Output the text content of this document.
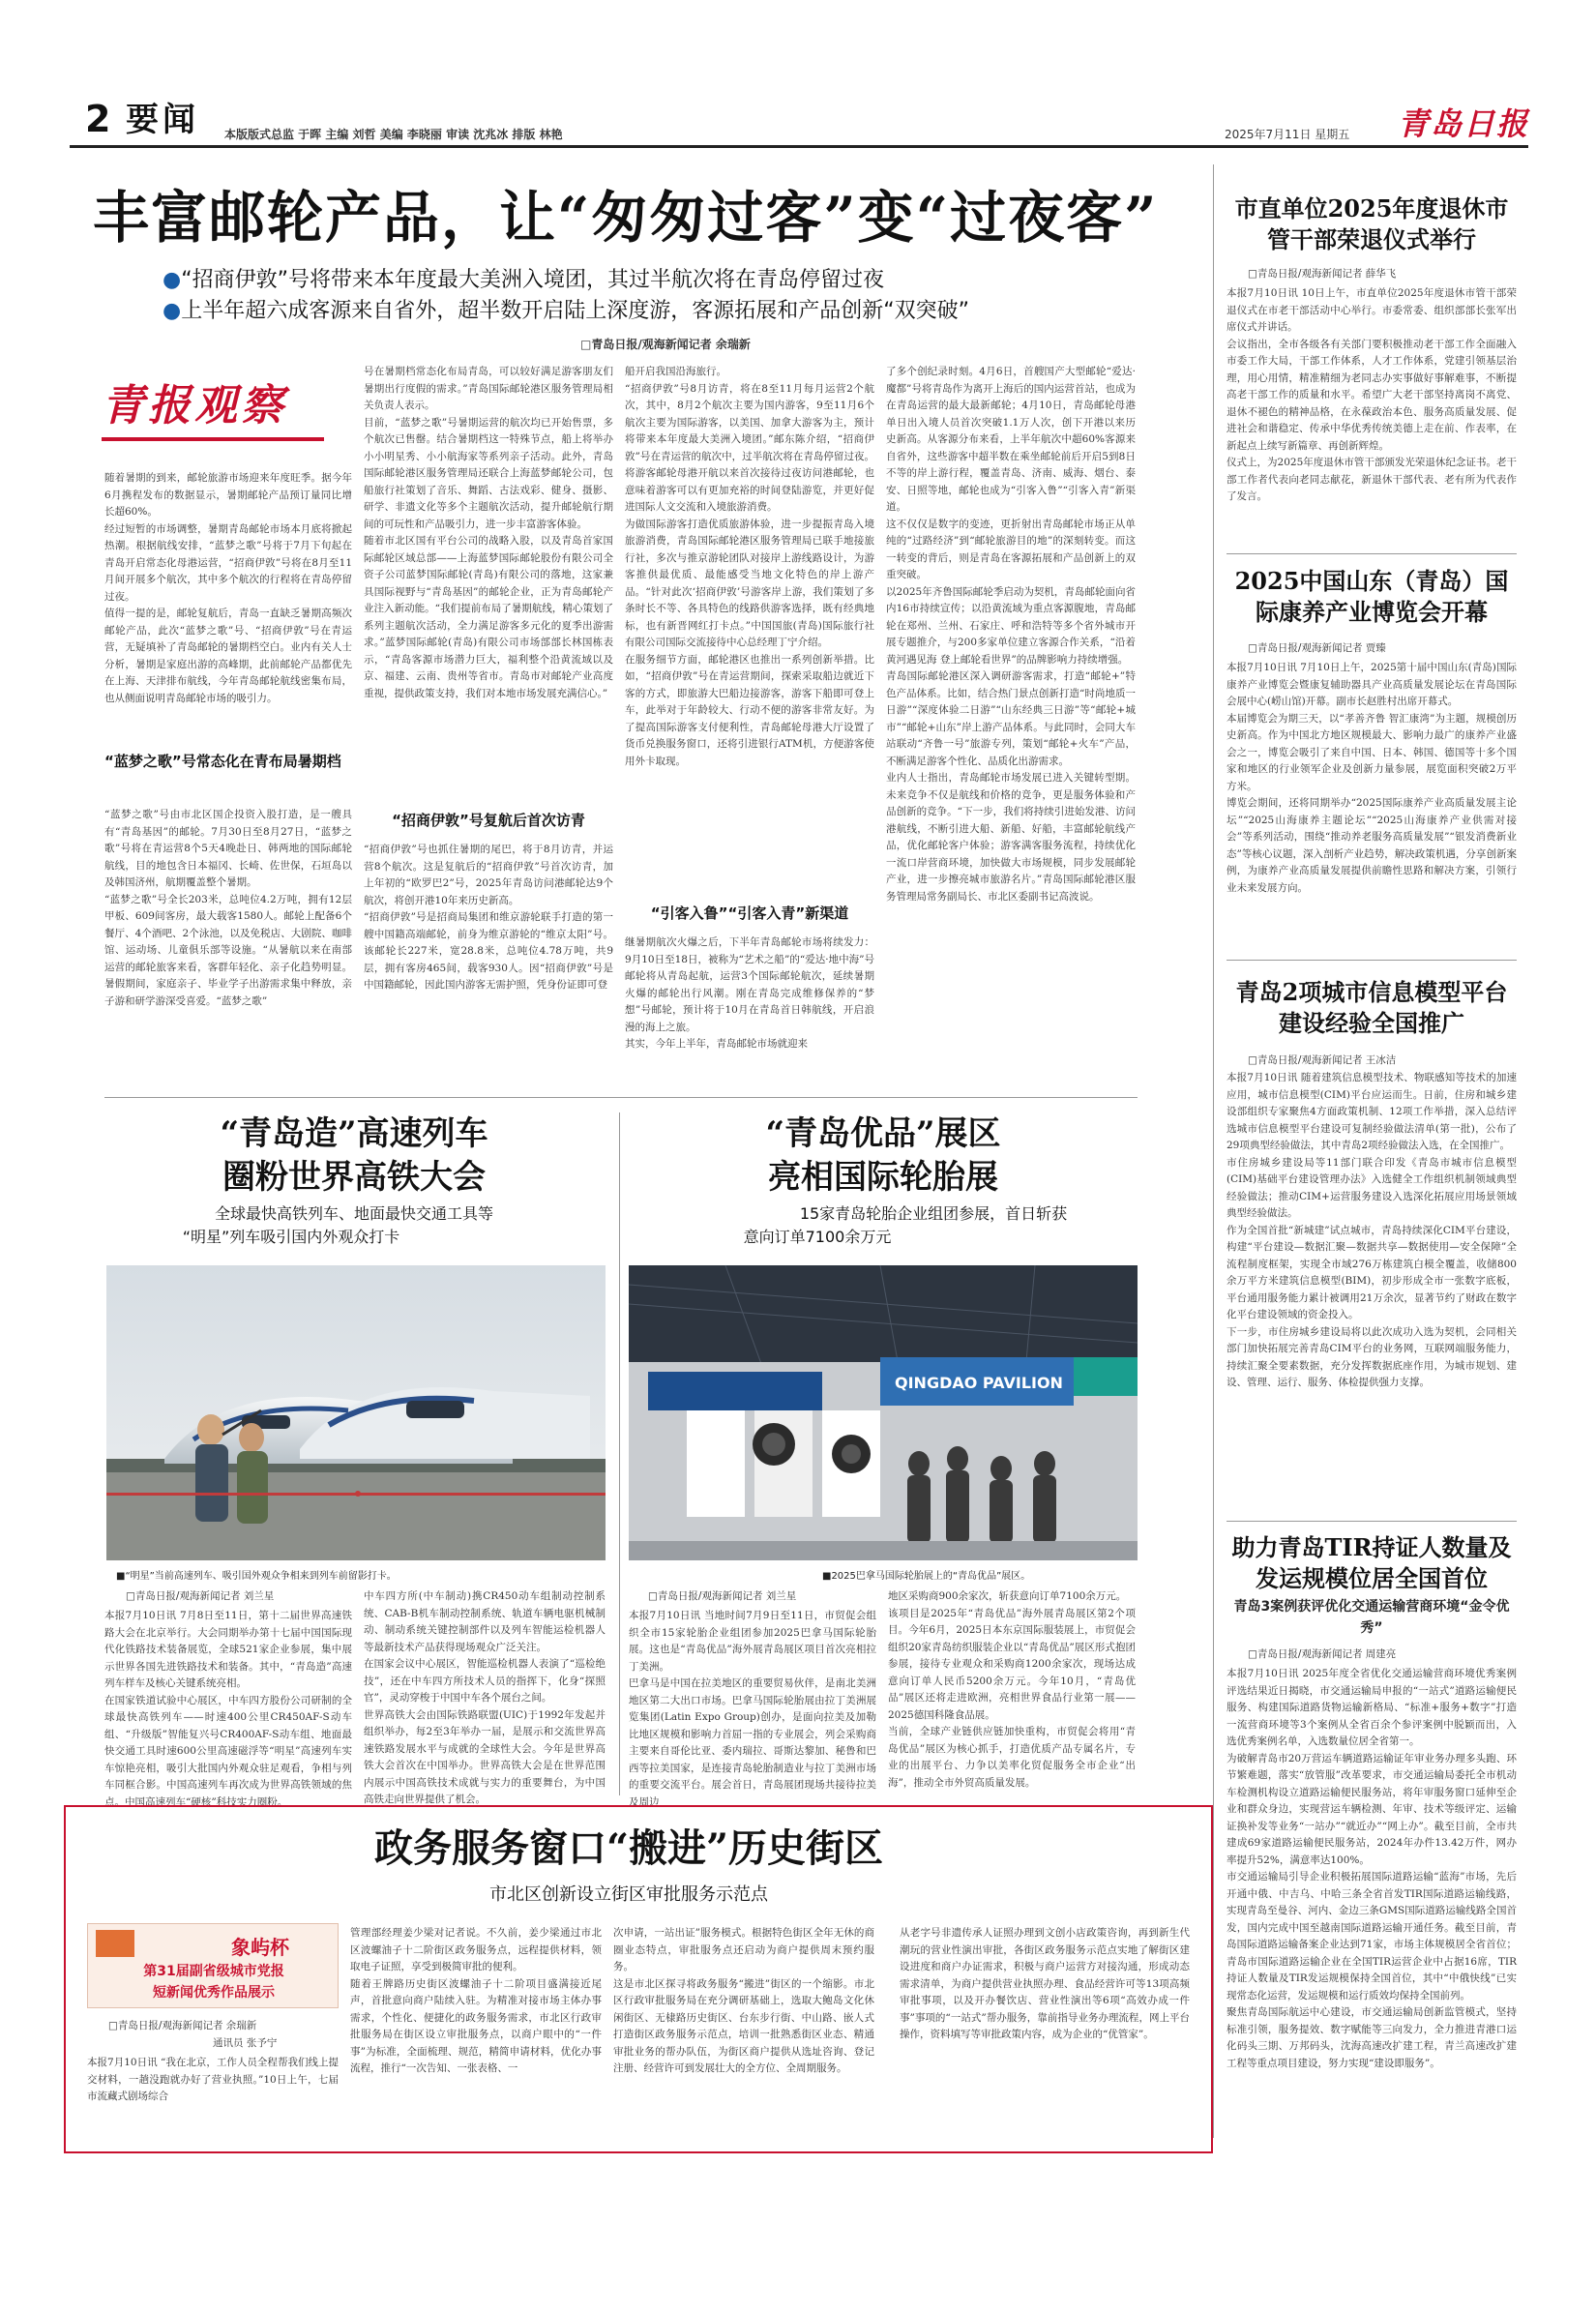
2 要闻 本版版式总监 于晖 主编 刘哲 美编 李晓丽 审读 沈兆冰 排版 林艳	2025年7月11日 星期五 青岛日报
丰富邮轮产品，让“匆匆过客”变“过夜客”
●“招商伊敦”号将带来本年度最大美洲入境团，其过半航次将在青岛停留过夜
●上半年超六成客源来自省外，超半数开启陆上深度游，客源拓展和产品创新“双突破”
□青岛日报/观海新闻记者 余瑞新
青报观察
随着暑期的到来，邮轮旅游市场迎来年度旺季。据今年6月携程发布的数据显示，暑期邮轮产品预订量同比增长超60%。
经过短暂的市场调整，暑期青岛邮轮市场本月底将掀起热潮。根据航线安排，“蓝梦之歌”号将于7月下旬起在青岛开启常态化母港运营，“招商伊敦”号将在8月至11月间开展多个航次，其中多个航次的行程将在青岛停留过夜。
值得一提的是，邮轮复航后，青岛一直缺乏暑期高频次邮轮产品，此次“蓝梦之歌”号、“招商伊敦”号在青运营，无疑填补了青岛邮轮的暑期档空白。业内有关人士分析，暑期是家庭出游的高峰期，此前邮轮产品都优先在上海、天津排布航线，今年青岛邮轮航线密集布局，也从侧面说明青岛邮轮市场的吸引力。
“蓝梦之歌”号常态化在青布局暑期档
“蓝梦之歌”号由市北区国企投资入股打造，是一艘具有“青岛基因”的邮轮。7月30日至8月27日，“蓝梦之歌”号将在青运营8个5天4晚赴日、韩两地的国际邮轮航线，目的地包含日本福冈、长崎、佐世保，石垣岛以及韩国济州，航期覆盖整个暑期。
“蓝梦之歌”号全长203米，总吨位4.2万吨，拥有12层甲板、609间客房，最大载客1580人。邮轮上配备6个餐厅、4个酒吧、2个泳池，以及免税店、大剧院、咖啡馆、运动场、儿童俱乐部等设施。“从暑航以来在南部运营的邮轮旅客来看，客群年轻化、亲子化趋势明显。暑假期间，家庭亲子、毕业学子出游需求集中释放，亲子游和研学游深受喜爱。“蓝梦之歌”
号在暑期档常态化布局青岛，可以较好满足游客朋友们暑期出行度假的需求。”青岛国际邮轮港区服务管理局相关负责人表示。
目前，“蓝梦之歌”号暑期运营的航次均已开始售票，多个航次已售罄。结合暑期档这一特殊节点，船上将举办小小明星秀、小小航海家等系列亲子活动。此外，青岛国际邮轮港区服务管理局还联合上海蓝梦邮轮公司，包船旅行社策划了音乐、舞蹈、古法戏彩、健身、摄影、研学、非遗文化等多个主题航次活动，提升邮轮航行期间的可玩性和产品吸引力，进一步丰富游客体验。
随着市北区国有平台公司的战略入股，以及青岛首家国际邮轮区域总部——上海蓝梦国际邮轮股份有限公司全资子公司蓝梦国际邮轮(青岛)有限公司的落地，这家兼具国际视野与“青岛基因”的邮轮企业，正为青岛邮轮产业注入新动能。“我们提前布局了暑期航线，精心策划了系列主题航次活动，全力满足游客多元化的夏季出游需求。”蓝梦国际邮轮(青岛)有限公司市场部部长林国栋表示，“青岛客源市场潜力巨大，福利整个沿黄流域以及京、福建、云南、贵州等省市。青岛市对邮轮产业高度重视，提供政策支持，我们对本地市场发展充满信心。”
“招商伊敦”号复航后首次访青
“招商伊敦”号也抓住暑期的尾巴，将于8月访青，并运营8个航次。这是复航后的“招商伊敦”号首次访青，加上年初的“欧罗巴2”号，2025年青岛访问港邮轮达9个航次，将创开港10年来历史新高。
“招商伊敦”号是招商局集团和维京游轮联手打造的第一艘中国籍高端邮轮，前身为维京游轮的“维京太阳”号。该邮轮长227米，宽28.8米，总吨位4.78万吨，共9层，拥有客房465间，载客930人。因“招商伊敦”号是中国籍邮轮，因此国内游客无需护照，凭身份证即可登
船开启我国沿海旅行。
“招商伊敦”号8月访青，将在8至11月每月运营2个航次，其中，8月2个航次主要为国内游客，9至11月6个航次主要为国际游客，以美国、加拿大游客为主，预计将带来本年度最大美洲入境团。”邮东陈介绍，“招商伊敦”号在青运营的航次中，过半航次将在青岛停留过夜。将游客邮轮母港开航以来首次接待过夜访问港邮轮，也意味着游客可以有更加充裕的时间登陆游览，并更好促进国际人文交流和入境旅游消费。
为做国际游客打造优质旅游体验，进一步提振青岛入境旅游消费，青岛国际邮轮港区服务管理局已联手地接旅行社，多次与推京游轮团队对接岸上游线路设计，为游客推供最优质、最能感受当地文化特色的岸上游产品。“针对此次‘招商伊敦’号游客岸上游，我们策划了多条时长不等、各具特色的线路供游客选择，既有经典地标，也有新晋网红打卡点。”中国国旅(青岛)国际旅行社有限公司国际交流接待中心总经理丁宁介绍。
在服务细节方面，邮轮港区也推出一系列创新举措。比如，“招商伊敦”号在青运营期间，探索采取船边就近下客的方式，即旅游大巴船边接游客，游客下船即可登上车，此举对于年龄较大、行动不便的游客非常友好。为了提高国际游客支付便利性，青岛邮轮母港大厅设置了货币兑换服务窗口，还将引进银行ATM机，方便游客使用外卡取现。
“引客入鲁”“引客入青”新渠道
继暑期航次火爆之后，下半年青岛邮轮市场将续发力：9月10日至18日，被称为“艺术之船”的“爱达·地中海”号邮轮将从青岛起航，运营3个国际邮轮航次，延续暑期火爆的邮轮出行风潮。刚在青岛完成维修保养的“梦想”号邮轮，预计将于10月在青岛首日韩航线，开启浪漫的海上之旅。
其实，今年上半年，青岛邮轮市场就迎来
了多个创纪录时刻。4月6日，首艘国产大型邮轮“爱达·魔都”号将青岛作为离开上海后的国内运营首站，也成为在青岛运营的最大最新邮轮；4月10日，青岛邮轮母港单日出入境人员首次突破1.1万人次，创下开港以来历史新高。从客源分布来看，上半年航次中超60%客源来自省外，这些游客中超半数在乘坐邮轮前后开启5到8日不等的岸上游行程，覆盖青岛、济南、威海、烟台、泰安、日照等地，邮轮也成为“引客入鲁”“引客入青”新渠道。
这不仅仅是数字的变迹，更折射出青岛邮轮市场正从单纯的“过路经济”到“邮轮旅游目的地”的深刻转变。而这一转变的背后，则是青岛在客源拓展和产品创新上的双重突破。
以2025年齐鲁国际邮轮季启动为契机，青岛邮轮面向省内16市持续宣传；以沿黄流域为重点客源腹地，青岛邮轮在郑州、兰州、石家庄、呼和浩特等多个省外城市开展专题推介，与200多家单位建立客源合作关系，“沿着黄河遇见海 登上邮轮看世界”的品牌影响力持续增强。
青岛国际邮轮港区深入调研游客需求，打造“邮轮+”特色产品体系。比如，结合热门景点创新打造“时尚地质一日游”“深度体验二日游”“山东经典三日游”等“邮轮+城市”“邮轮+山东”岸上游产品体系。与此同时，会同大车站联动“齐鲁一号”旅游专列，策划“邮轮+火车”产品，不断满足游客个性化、品质化出游需求。
业内人士指出，青岛邮轮市场发展已进入关键转型期。未来竞争不仅是航线和价格的竞争，更是服务体验和产品创新的竞争。“下一步，我们将持续引进始发港、访问港航线，不断引进大船、新船、好船，丰富邮轮航线产品，优化邮轮客户体验；游客满客服务流程，持续优化一流口岸营商环境，加快做大市场规模，同步发展邮轮产业，进一步擦亮城市旅游名片。”青岛国际邮轮港区服务管理局常务副局长、市北区委副书记高波说。
市直单位2025年度退休市管干部荣退仪式举行
□青岛日报/观海新闻记者 薛华飞
本报7月10日讯 10日上午，市直单位2025年度退休市管干部荣退仪式在市老干部活动中心举行。市委常委、组织部部长张军出席仪式并讲话。
会议指出，全市各级各有关部门要积极推动老干部工作全面融入市委工作大局，干部工作体系，人才工作体系，党建引领基层治理，用心用情，精准精细为老同志办实事做好事解难事，不断提高老干部工作的质量和水平。希望广大老干部坚持离岗不离党、退休不褪色的精神品格，在永葆政治本色、服务高质量发展、促进社会和谐稳定、传承中华优秀传统美德上走在前、作表率，在新起点上续写新篇章、再创新辉煌。
仪式上，为2025年度退休市管干部颁发光荣退休纪念证书。老干部工作者代表向老同志献花，新退休干部代表、老有所为代表作了发言。
2025中国山东（青岛）国际康养产业博览会开幕
□青岛日报/观海新闻记者 贾臻
本报7月10日讯 7月10日上午，2025第十届中国山东(青岛)国际康养产业博览会暨康复辅助器具产业高质量发展论坛在青岛国际会展中心(崂山馆)开幕。副市长赵胜村出席开幕式。
本届博览会为期三天，以“孝善齐鲁 智汇康湾”为主题，规模创历史新高。作为中国北方地区规模最大、影响力最广的康养产业盛会之一，博览会吸引了来自中国、日本、韩国、德国等十多个国家和地区的行业领军企业及创新力量参展，展览面积突破2万平方米。
博览会期间，还将同期举办“2025国际康养产业高质量发展主论坛”“2025山海康养主题论坛”“2025山海康养产业供需对接会”等系列活动，围绕“推动养老服务高质量发展”“银发消费新业态”等核心议题，深入剖析产业趋势，解决政策机遇，分享创新案例，为康养产业高质量发展提供前瞻性思路和解决方案，引领行业未来发展方向。
青岛2项城市信息模型平台建设经验全国推广
□青岛日报/观海新闻记者 王冰洁
本报7月10日讯 随着建筑信息模型技术、物联感知等技术的加速应用，城市信息模型(CIM)平台应运而生。日前，住房和城乡建设部组织专家聚焦4方面政策机制、12项工作举措，深入总结评选城市信息模型平台建设可复制经验做法清单(第一批)，公布了29项典型经验做法，其中青岛2项经验做法入选，在全国推广。
市住房城乡建设局等11部门联合印发《青岛市城市信息模型(CIM)基础平台建设管理办法》入选健全工作组织机制领域典型经验做法；推动CIM+运营服务建设入选深化拓展应用场景领域典型经验做法。
作为全国首批“新城建”试点城市，青岛持续深化CIM平台建设，构建“平台建设—数据汇聚—数据共享—数据使用—安全保障”全流程制度框架，实现全市域276万栋建筑白模全覆盖，收储800余万平方米建筑信息模型(BIM)，初步形成全市一张数字底板，平台通用服务能力累计被调用21万余次，显著节约了财政在数字化平台建设领域的资金投入。
下一步，市住房城乡建设局将以此次成功入选为契机，会同相关部门加快拓展完善青岛CIM平台的业务网，互联网端服务能力，持续汇聚全要素数据，充分发挥数据底座作用，为城市规划、建设、管理、运行、服务、体检提供强力支撑。
助力青岛TIR持证人数量及发运规模位居全国首位
青岛3案例获评优化交通运输营商环境“金令优秀”
□青岛日报/观海新闻记者 周建亮
本报7月10日讯 2025年度全省优化交通运输营商环境优秀案例评选结果近日揭晓，市交通运输局申报的“一站式”道路运输便民服务、构建国际道路货物运输新格局、“标准+服务+数字”打造一流营商环境等3个案例从全省百余个参评案例中脱颖而出，入选优秀案例名单，入选数量位居全省第一。
为破解青岛市20万营运车辆道路运输证年审业务办理多头跑、环节繁难题，落实“放管服”改革要求，市交通运输局委托全市机动车检测机构设立道路运输便民服务站，将年审服务窗口延伸至企业和群众身边，实现营运车辆检测、年审、技术等级评定、运输证换补发等业务“一站办”“就近办”“网上办”。截至目前，全市共建成69家道路运输便民服务站，2024年办件13.42万件，网办率提升52%，满意率达100%。
市交通运输局引导企业积极拓展国际道路运输“蓝海”市场，先后开通中俄、中吉乌、中哈三条全省首发TIR国际道路运输线路，实现青岛至曼谷、河内、金边三条GMS国际道路运输线路全国首发，国内完成中国至越南国际道路运输开通任务。截至目前，青岛国际道路运输备案企业达到71家，市场主体规模居全省首位；青岛市国际道路运输企业在全国TIR运营企业中占据16席，TIR持证人数量及TIR发运规模保持全国首位，其中“中俄快线”已实现常态化运营，发运规模和运行质效均保持全国前列。
聚焦青岛国际航运中心建设，市交通运输局创新监管模式，坚持标准引领，服务提效、数字赋能等三向发力，全力推进青港口运化码头三期、万邦码头，沈海高速改扩建工程，青兰高速改扩建工程等重点项目建设，努力实现“建设即服务”。
“青岛造”高速列车
圈粉世界高铁大会
全球最快高铁列车、地面最快交通工具等
“明星”列车吸引国内外观众打卡
■“明星”当前高速列车、吸引国外观众争相来到列车前留影打卡。
□青岛日报/观海新闻记者 刘兰星
本报7月10日讯 7月8日至11日，第十二届世界高速铁路大会在北京举行。大会同期举办第十七届中国国际现代化铁路技术装备展览，全球521家企业参展，集中展示世界各国先进铁路技术和装备。其中，“青岛造”高速列车样车及核心关键系统亮相。
在国家铁道试验中心展区，中车四方股份公司研制的全球最快高铁列车——时速400公里CR450AF-S动车组、“升级版”智能复兴号CR400AF-S动车组、地面最快交通工具时速600公里高速磁浮等“明星”高速列车实车惊艳亮相，吸引大批国内外观众驻足观看，争相与列车同框合影。中国高速列车再次成为世界高铁领域的焦点。中国高速列车“硬核”科技实力圈粉。
中车四方所(中车制动)携CR450动车组制动控制系统、CAB-B机车制动控制系统、轨道车辆电驱机械制动、制动系统关键控制部件以及列车智能运检机器人等最新技术产品获得现场观众广泛关注。
在国家会议中心展区，智能巡检机器人表演了“巡检绝技”，还在中车四方所技术人员的指挥下，化身“探照官”，灵动穿梭于中国中车各个展台之间。
世界高铁大会由国际铁路联盟(UIC)于1992年发起并组织举办，每2至3年举办一届，是展示和交流世界高速铁路发展水平与成就的全球性大会。今年是世界高铁大会首次在中国举办。世界高铁大会是在世界范围内展示中国高铁技术成就与实力的重要舞台，为中国高铁走向世界提供了机会。
“青岛优品”展区
亮相国际轮胎展
15家青岛轮胎企业组团参展，首日斩获
意向订单7100余万元
QINGDAO PAVILION
■2025巴拿马国际轮胎展上的“青岛优品”展区。
□青岛日报/观海新闻记者 刘兰星
本报7月10日讯 当地时间7月9日至11日，市贸促会组织全市15家轮胎企业组团参加2025巴拿马国际轮胎展。这也是“青岛优品”海外展青岛展区项目首次亮相拉丁美洲。
巴拿马是中国在拉美地区的重要贸易伙伴，是南北美洲地区第二大出口市场。巴拿马国际轮胎展由拉丁美洲展览集团(Latin Expo Group)创办，是面向拉美及加勒比地区规模和影响力首屈一指的专业展会，列会采购商主要来自哥伦比亚、委内瑞拉、哥斯达黎加、秘鲁和巴西等拉美国家，是连接青岛轮胎制造业与拉丁美洲市场的重要交流平台。展会首日，青岛展团现场共接待拉美及周边
地区采购商900余家次，斩获意向订单7100余万元。
该项目是2025年“青岛优品”海外展青岛展区第2个项目。今年6月，2025日本东京国际服装展上，市贸促会组织20家青岛纺织服装企业以“青岛优品”展区形式抱团参展，接待专业观众和采购商1200余家次，现场达成意向订单人民币5200余万元。今年10月，“青岛优品”展区还将走进欧洲，亮相世界食品行业第一展——2025德国科隆食品展。
当前，全球产业链供应链加快重构，市贸促会将用“青岛优品”展区为核心抓手，打造优质产品专属名片，专业的出展平台、力争以美率化贸促服务全市企业“出海”，推动全市外贸高质量发展。
政务服务窗口“搬进”历史街区
市北区创新设立街区审批服务示范点
象屿杯
第31届副省级城市党报
短新闻优秀作品展示
□青岛日报/观海新闻记者 余瑞新
通讯员 张予宁
本报7月10日讯 “我在北京，工作人员全程帮我们线上提交材料，一趟没跑就办好了营业执照。”10日上午，七届市流藏式剧场综合
管理部经理姜少梁对记者说。不久前，姜少梁通过市北区波螺油子十二阶街区政务服务点，远程提供材料，领取电子证照，享受到极简审批的便利。
随着王牌路历史街区波螺油子十二阶项目盛满接近尾声，首批意向商户陆续入驻。为精准对接市场主体办事需求，个性化、便捷化的政务服务需求，市北区行政审批服务局在街区设立审批服务点，以商户眼中的“一件事”为标准，全面梳理、规范，精简申请材料，优化办事流程，推行“一次告知、一张表格、一
次申请，一站出证”服务模式。根据特色街区全年无休的商圈业态特点，审批服务点还启动为商户提供周末预约服务。
这是市北区探寻将政务服务“搬进”街区的一个缩影。市北区行政审批服务局在充分调研基础上，选取大鲍岛文化休闲街区、无棣路历史街区、台东步行街、中山路、嵌人式打造街区政务服务示范点，培训一批熟悉街区业态、精通审批业务的帮办队伍，为街区商户提供从选址咨询、登记注册、经营许可到发展壮大的全方位、全周期服务。
从老字号非遗传承人证照办理到文创小店政策咨询，再到新生代潮玩的营业性演出审批，各街区政务服务示范点实地了解街区建设进度和商户办证需求，积极与商户运营方对接沟通，形成动态需求清单，为商户提供营业执照办理、食品经营许可等13项高频审批事项，以及开办餐饮店、营业性演出等6项“高效办成一件事”事项的“一站式”帮办服务，靠前指导业务办理流程，网上平台操作，资料填写等审批政策内容，成为企业的“优管家”。
